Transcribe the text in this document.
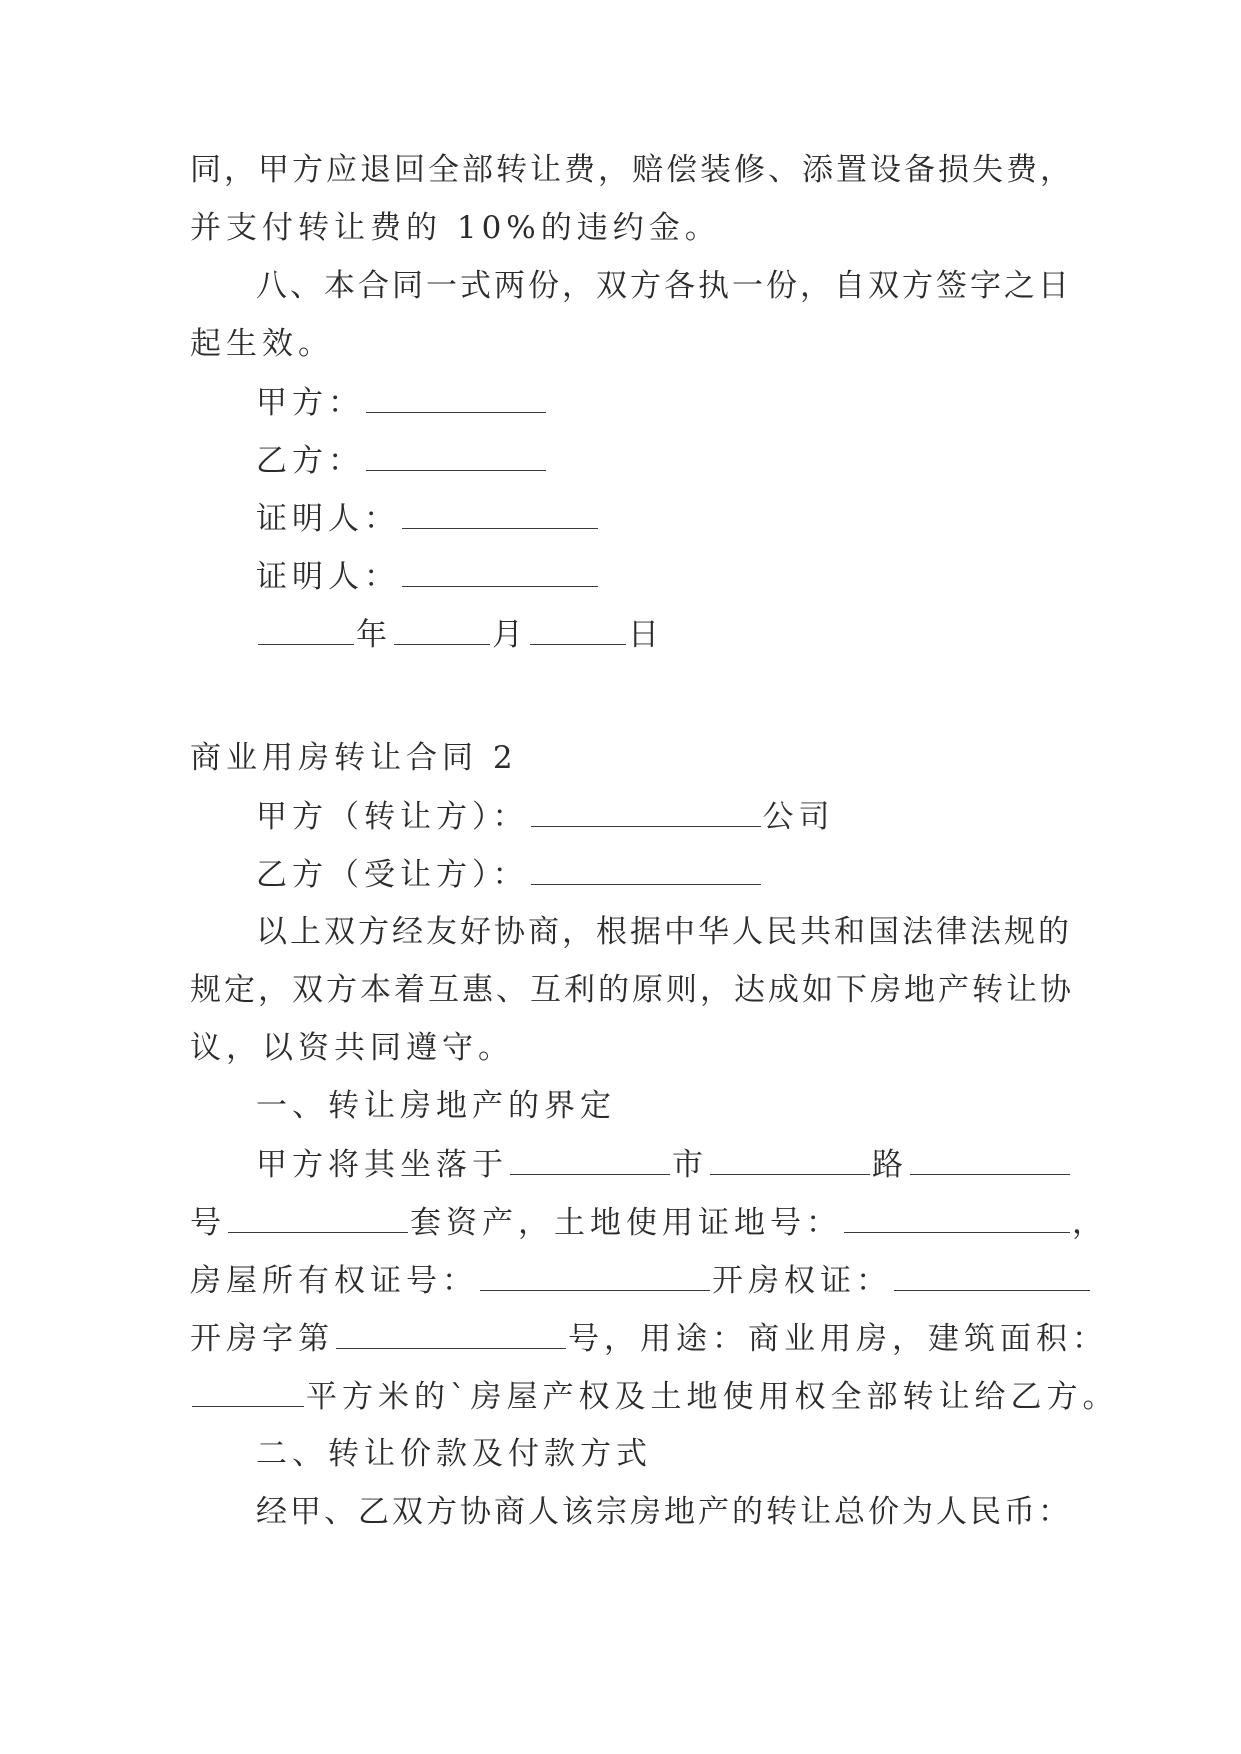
同，甲方应退回全部转让费，赔偿装修、添置设备损失费，
并支付转让费的 10%的违约金。
八、本合同一式两份，双方各执一份，自双方签字之日
起生效。
甲方：
乙方：
证明人：
证明人：
年	月	日
商业用房转让合同 2
甲方（转让方）：	公司
乙方（受让方）：
以上双方经友好协商，根据中华人民共和国法律法规的
规定，双方本着互惠、互利的原则，达成如下房地产转让协
议，以资共同遵守。
一、转让房地产的界定
甲方将其坐落于	市	路
号	套资产，土地使用证地号：	，
房屋所有权证号：	开房权证：
开房字第	号，用途：商业用房，建筑面积：
平方米的`房屋产权及土地使用权全部转让给乙方。
二、转让价款及付款方式
经甲、乙双方协商人该宗房地产的转让总价为人民币：
